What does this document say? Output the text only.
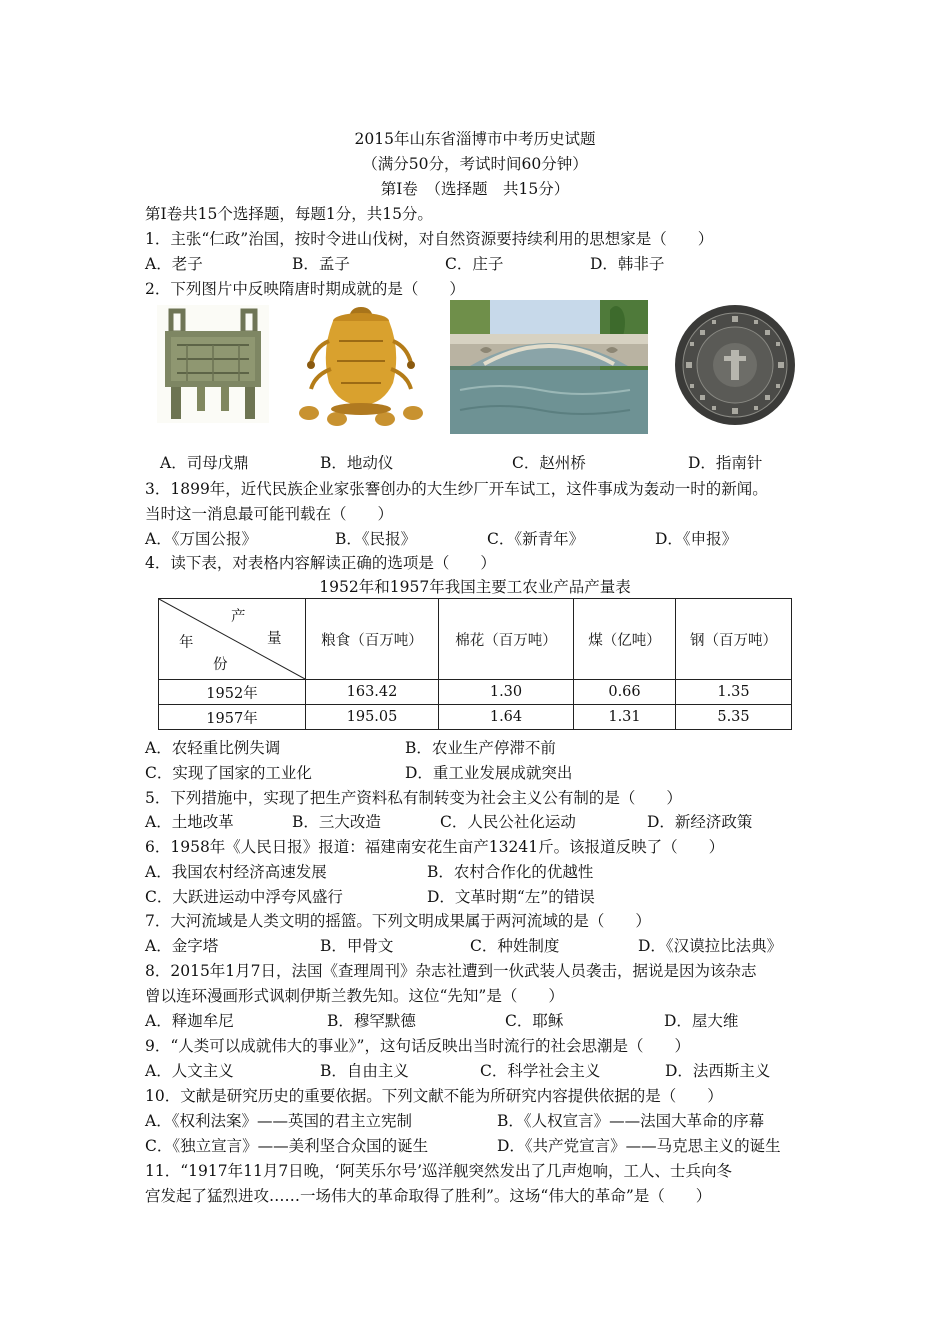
2015年山东省淄博市中考历史试题
（满分50分，考试时间60分钟）
第Ⅰ卷　（选择题　共15分）
第Ⅰ卷共15个选择题，每题1分，共15分。
1．主张“仁政”治国，按时令进山伐树，对自然资源要持续利用的思想家是（　　）
A．老子	B．孟子	C．庄子	D．韩非子
2．下列图片中反映隋唐时期成就的是（　　）
A．司母戊鼎	B．地动仪	C．赵州桥	D．指南针
3．1899年，近代民族企业家张謇创办的大生纱厂开车试工，这件事成为轰动一时的新闻。
当时这一消息最可能刊载在（　　）
A．《万国公报》	B．《民报》	C．《新青年》	D．《申报》
4．读下表，对表格内容解读正确的选项是（　　）
1952年和1957年我国主要工农业产品产量表
产
量
年
份	粮食（百万吨）	棉花（百万吨）	煤（亿吨）	钢（百万吨）
1952年	163.42	1.30	0.66	1.35
1957年	195.05	1.64	1.31	5.35
A．农轻重比例失调	B．农业生产停滞不前
C．实现了国家的工业化	D．重工业发展成就突出
5．下列措施中，实现了把生产资料私有制转变为社会主义公有制的是（　　）
A．土地改革	B．三大改造	C．人民公社化运动	D．新经济政策
6．1958年《人民日报》报道：福建南安花生亩产13241斤。该报道反映了（　　）
A．我国农村经济高速发展	B．农村合作化的优越性
C．大跃进运动中浮夸风盛行	D．文革时期“左”的错误
7．大河流域是人类文明的摇篮。下列文明成果属于两河流域的是（　　）
A．金字塔	B．甲骨文	C．种姓制度	D．《汉谟拉比法典》
8．2015年1月7日，法国《查理周刊》杂志社遭到一伙武装人员袭击，据说是因为该杂志
曾以连环漫画形式讽刺伊斯兰教先知。这位“先知”是（　　）
A．释迦牟尼	B．穆罕默德	C．耶稣	D．屋大维
9．“人类可以成就伟大的事业》”，这句话反映出当时流行的社会思潮是（　　）
A．人文主义	B．自由主义	C．科学社会主义	D．法西斯主义
10．文献是研究历史的重要依据。下列文献不能为所研究内容提供依据的是（　　）
A．《权利法案》——英国的君主立宪制	B．《人权宣言》——法国大革命的序幕
C．《独立宣言》——美利坚合众国的诞生	D．《共产党宣言》——马克思主义的诞生
11．“1917年11月7日晚，‘阿芙乐尔号’巡洋舰突然发出了几声炮响，工人、士兵向冬
宫发起了猛烈进攻……一场伟大的革命取得了胜利”。这场“伟大的革命”是（　　）
